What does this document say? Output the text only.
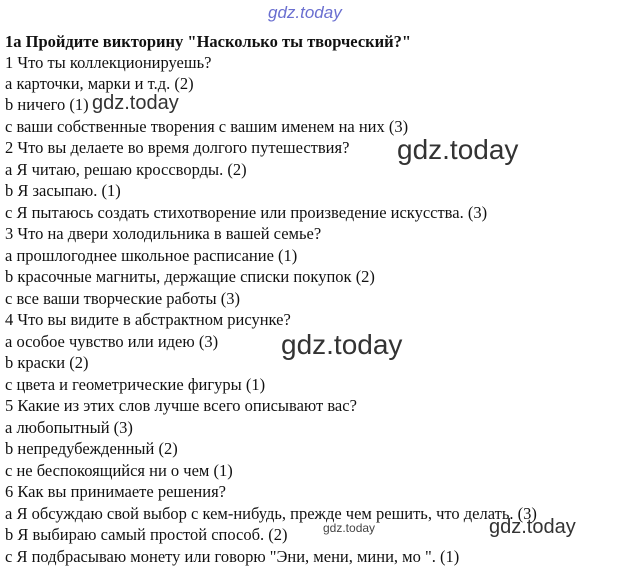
gdz.today
1a Пройдите викторину "Насколько ты творческий?"
1 Что ты коллекционируешь?
a карточки, марки и т.д. (2)
b ничего (1)
c ваши собственные творения с вашим именем на них (3)
2 Что вы делаете во время долгого путешествия?
a Я читаю, решаю кроссворды. (2)
b Я засыпаю. (1)
c Я пытаюсь создать стихотворение или произведение искусства. (3)
3 Что на двери холодильника в вашей семье?
a прошлогоднее школьное расписание (1)
b красочные магниты, держащие списки покупок (2)
c все ваши творческие работы (3)
4 Что вы видите в абстрактном рисунке?
a особое чувство или идею (3)
b краски (2)
c цвета и геометрические фигуры (1)
5 Какие из этих слов лучше всего описывают вас?
a любопытный (3)
b непредубежденный (2)
c не беспокоящийся ни о чем (1)
6 Как вы принимаете решения?
a Я обсуждаю свой выбор с кем-нибудь, прежде чем решить, что делать. (3)
b Я выбираю самый простой способ. (2)
c Я подбрасываю монету или говорю "Эни, мени, мини, мо ". (1)
gdz.today
gdz.today
gdz.today
gdz.today	gdz.today
